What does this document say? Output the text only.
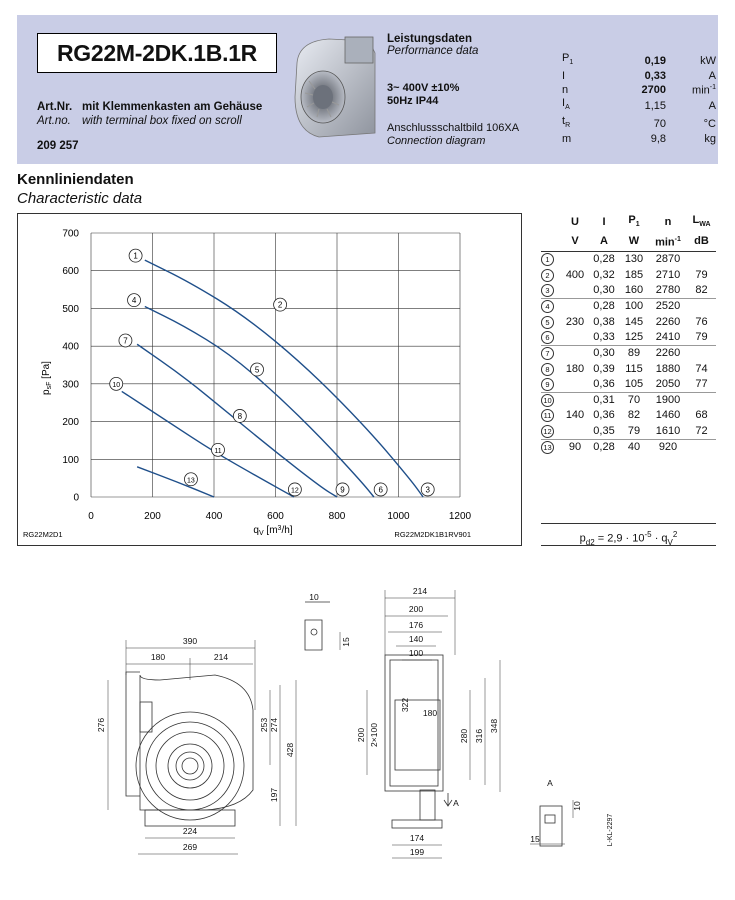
RG22M-2DK.1B.1R
Art.Nr. mit Klemmenkasten am Gehäuse
Art.no. with terminal box fixed on scroll
209 257
Leistungsdaten
Performance data
3~ 400V ±10%
50Hz IP44
Anschlussschaltbild 106XA
Connection diagram
$P_1$	0,19	kW
I	0,33	A
n	2700	$\min^{-1}$
$I_A$	1,15	A
$t_R$	70	°C
m	9,8	kg
Kennliniendaten
Characteristic data
0	200	400	600	800	1000	1200
0
100
200
300
400
500
600
700
$p_{sF}$ [Pa]
$q_V$ $[m^3/h]$
RG22M2D1	RG22M2DK1B1RV901
1
2
3
4
5
6
7
8
9
10
11
12
13
	U	I	$P_1$	n	$L_{WA}$
	V	A	W	$\min^{-1}$	dB
1		0,28	130	2870	
2	400	0,32	185	2710	79
3		0,30	160	2780	82
4		0,28	100	2520	
5	230	0,38	145	2260	76
6		0,33	125	2410	79
7		0,30	89	2260	
8	180	0,39	115	1880	74
9		0,36	105	2050	77
10		0,31	70	1900	
11	140	0,36	82	1460	68
12		0,35	79	1610	72
13	90	0,28	40	920	
$p_{d2} = 2,9 \cdot 10^{-5} \cdot q_V^2$
390
180	214
276	253 274
428
197
224
269
214
200
176
140
100
322
180
200 2×100	280 316
348
174
199
A
10
15
A
10
15	L-KL-2297
